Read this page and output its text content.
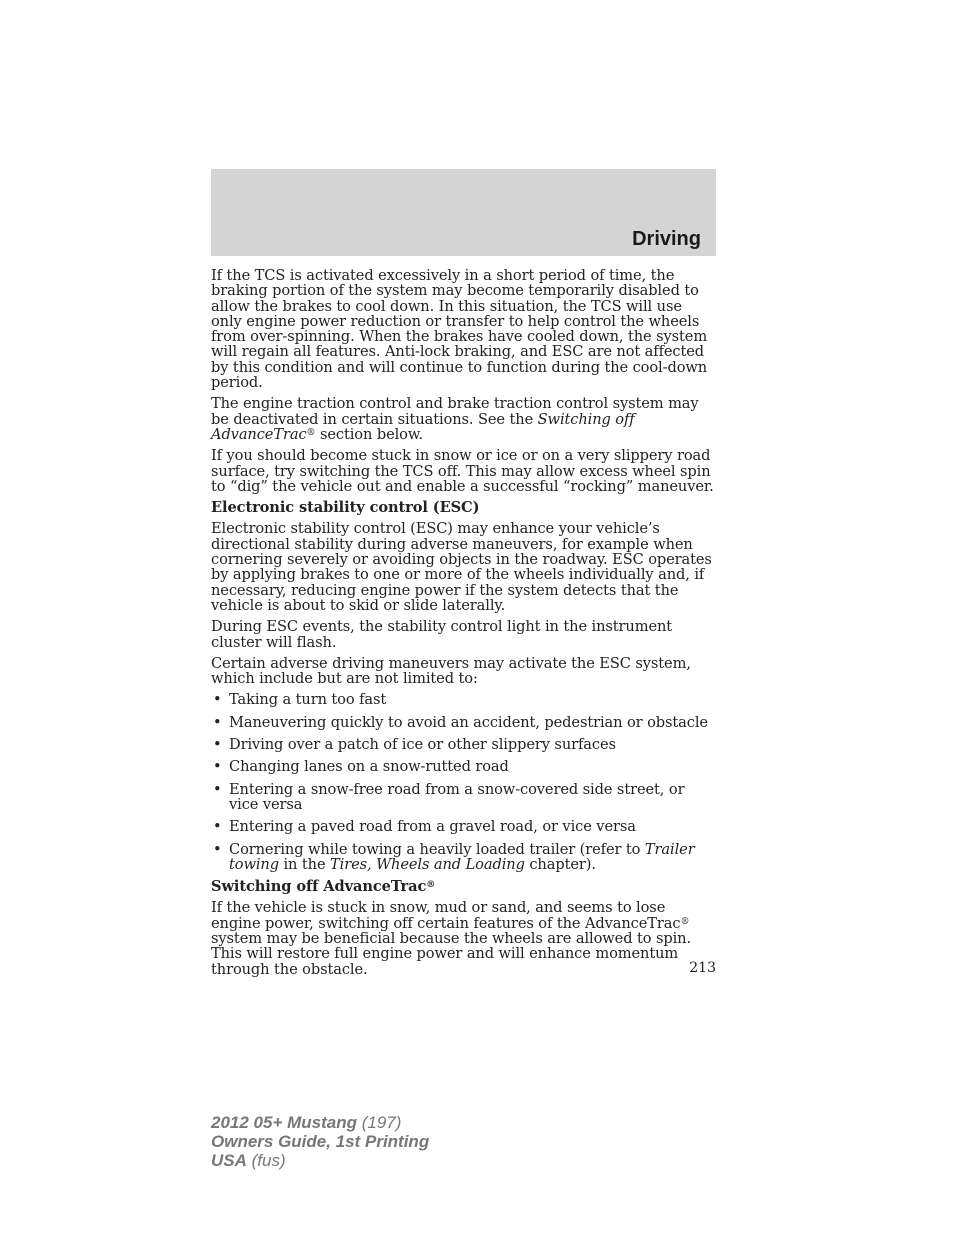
Driving

If the TCS is activated excessively in a short period of time, the braking portion of the system may become temporarily disabled to allow the brakes to cool down. In this situation, the TCS will use only engine power reduction or transfer to help control the wheels from over-spinning. When the brakes have cooled down, the system will regain all features. Anti-lock braking, and ESC are not affected by this condition and will continue to function during the cool-down period.

The engine traction control and brake traction control system may be deactivated in certain situations. See the Switching off AdvanceTrac® section below.

If you should become stuck in snow or ice or on a very slippery road surface, try switching the TCS off. This may allow excess wheel spin to “dig” the vehicle out and enable a successful “rocking” maneuver.

Electronic stability control (ESC)

Electronic stability control (ESC) may enhance your vehicle’s directional stability during adverse maneuvers, for example when cornering severely or avoiding objects in the roadway. ESC operates by applying brakes to one or more of the wheels individually and, if necessary, reducing engine power if the system detects that the vehicle is about to skid or slide laterally.

During ESC events, the stability control light in the instrument cluster will flash.

Certain adverse driving maneuvers may activate the ESC system, which include but are not limited to:

• Taking a turn too fast
• Maneuvering quickly to avoid an accident, pedestrian or obstacle
• Driving over a patch of ice or other slippery surfaces
• Changing lanes on a snow-rutted road
• Entering a snow-free road from a snow-covered side street, or vice versa
• Entering a paved road from a gravel road, or vice versa
• Cornering while towing a heavily loaded trailer (refer to Trailer towing in the Tires, Wheels and Loading chapter).
Switching off AdvanceTrac®

If the vehicle is stuck in snow, mud or sand, and seems to lose engine power, switching off certain features of the AdvanceTrac® system may be beneficial because the wheels are allowed to spin. This will restore full engine power and will enhance momentum through the obstacle.	213
2012 05+ Mustang (197)
Owners Guide, 1st Printing
USA (fus)
